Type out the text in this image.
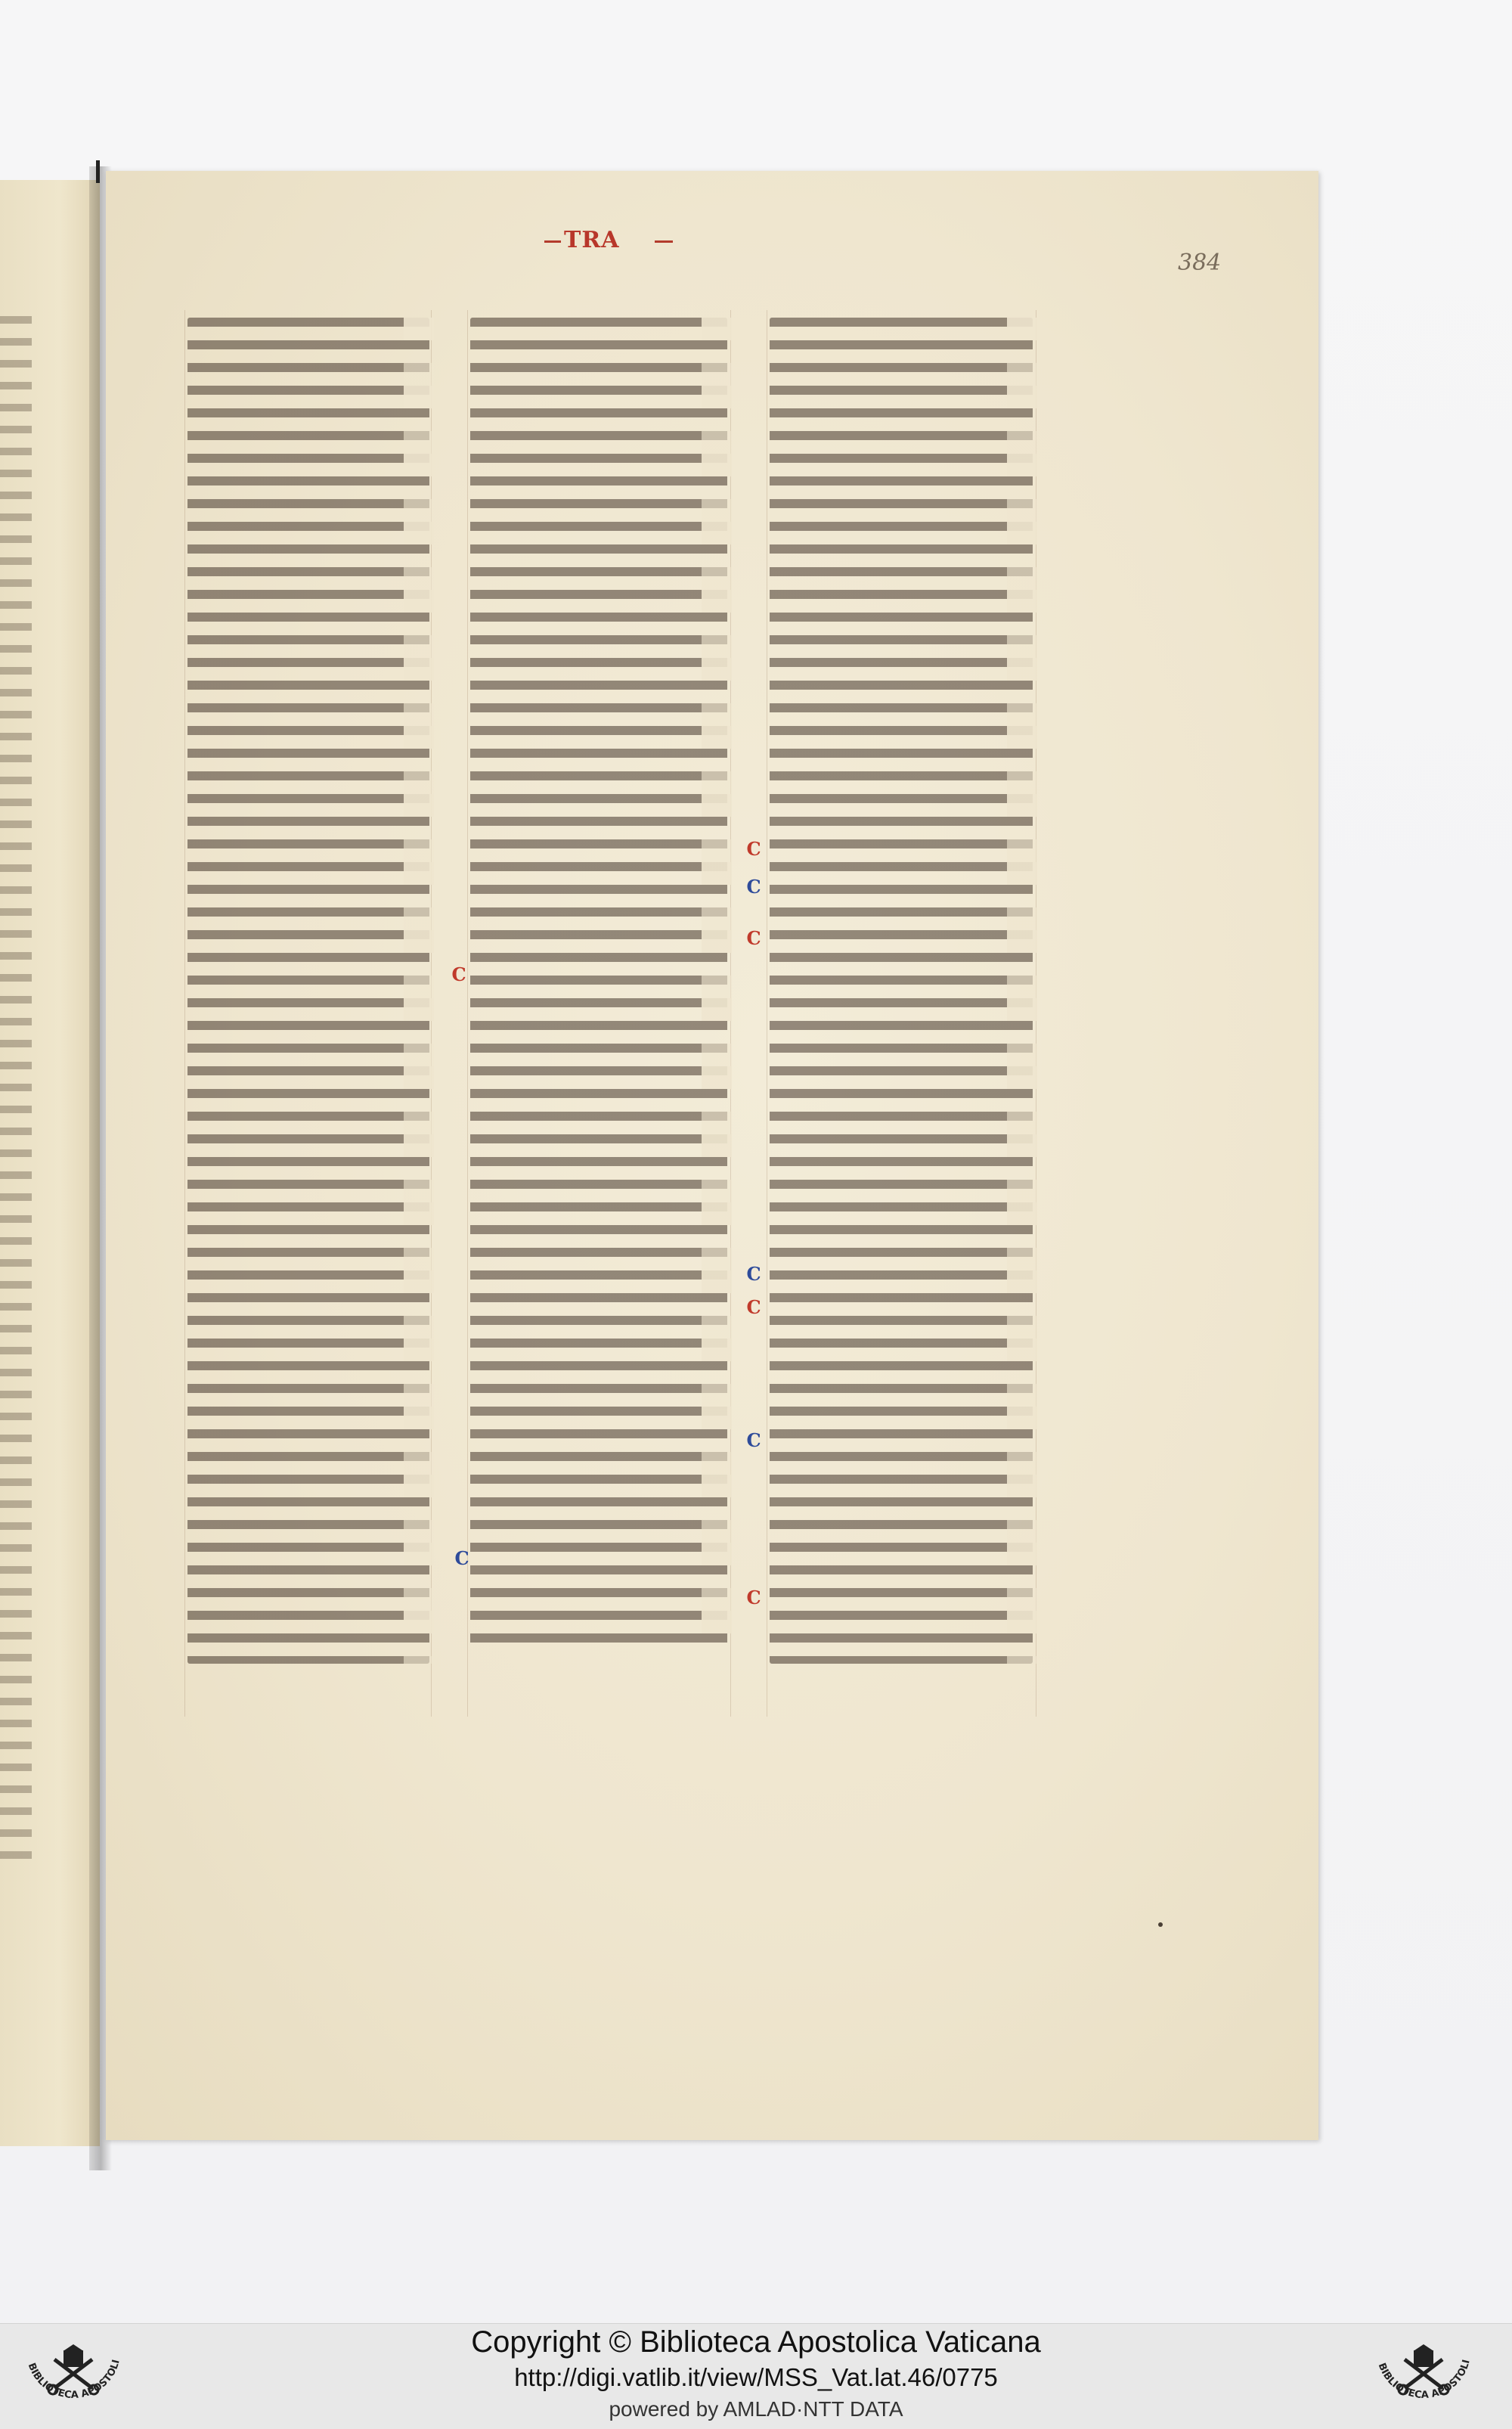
TRA
384
C
C
C
C
C
C
C
C
C
Copyright © Biblioteca Apostolica Vaticana
http://digi.vatlib.it/view/MSS_Vat.lat.46/0775
powered by AMLAD·NTT DATA
BIBLIOTECA APOSTOLI	BIBLIOTECA APOSTOLI
